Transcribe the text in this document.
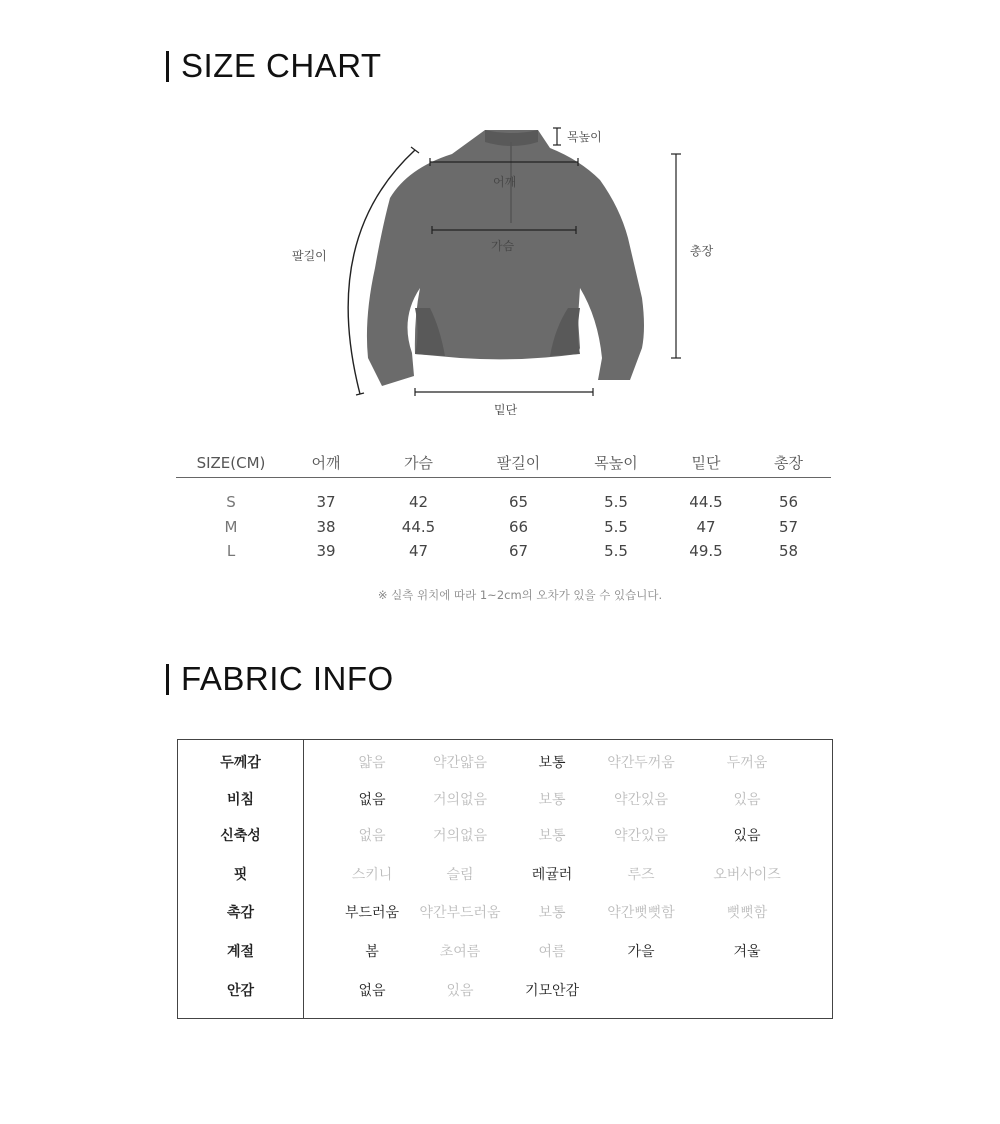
SIZE CHART
목높이
어깨
가슴
팔길이	총장
밑단
SIZE(CM)	어깨	가슴	팔길이	목높이	밑단	총장
S	37	42	65	5.5	44.5	56
M	38	44.5	66	5.5	47	57
L	39	47	67	5.5	49.5	58
※ 실측 위치에 따라 1~2cm의 오차가 있을 수 있습니다.
FABRIC INFO
두께감	얇음	약간얇음	보통	약간두꺼움	두꺼움
비침	없음	거의없음	보통	약간있음	있음
신축성	없음	거의없음	보통	약간있음	있음
핏	스키니	슬림	레귤러	루즈	오버사이즈
촉감	부드러움	약간부드러움	보통	약간뻣뻣함	뻣뻣함
계절	봄	초여름	여름	가을	겨울
안감	없음	있음	기모안감
